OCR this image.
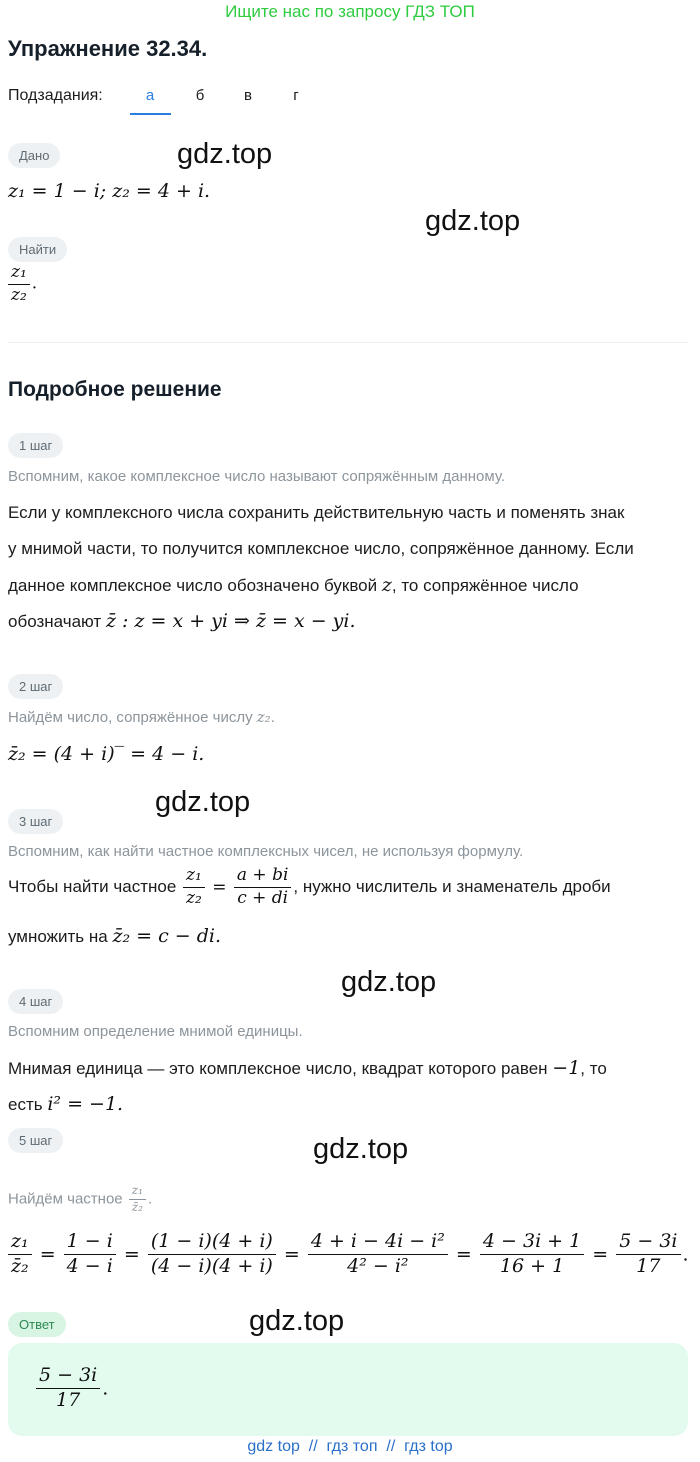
Ищите нас по запросу ГДЗ ТОП
Упражнение 32.34.
Подзадания:	а	б	в	г
Дано
z₁ = 1 − i; z₂ = 4 + i.
Найти
$\frac{\text{z₁}}{\text{z₂}}$ .
gdz.top
gdz.top
gdz.top
gdz.top
gdz.top
gdz.top
Подробное решение
1 шаг
Вспомним, какое комплексное число называют сопряжённым данному.
Если у комплексного числа сохранить действительную часть и поменять знак
у мнимой части, то получится комплексное число, сопряжённое данному. Если
данное комплексное число обозначено буквой z, то сопряжённое число
обозначают z̄ : z = x + yi ⇒ z̄ = x − yi.
2 шаг
Найдём число, сопряжённое числу z₂.
z̄₂ = (4 + i)‾ = 4 − i.
3 шаг
Вспомним, как найти частное комплексных чисел, не используя формулу.
Чтобы найти частное $\frac{\text{z₁}}{\text{z₂}} = \frac{a + bi}{c + di}$ , нужно числитель и знаменатель дроби
умножить на z̄₂ = c − di.
4 шаг
Вспомним определение мнимой единицы.
Мнимая единица — это комплексное число, квадрат которого равен −1, то
есть i² = −1.
5 шаг
Найдём частное $\frac{\text{z₁}}{\text{z̄₂}}$ .
$\frac{\text{z₁}}{\text{z̄₂}} = \frac{1 - i}{4 - i} = \frac{(1 - i)(4 + i)}{(4 - i)(4 + i)} = \frac{\text{4 + i − 4i − i²}}{\text{4² − i²}} = \frac{4 - 3i + 1}{16 + 1} = \frac{5 - 3i}{17}$ .
Ответ
$\frac{5 - 3i}{17}$ .
gdz top  //  гдз топ  //  гдз top
